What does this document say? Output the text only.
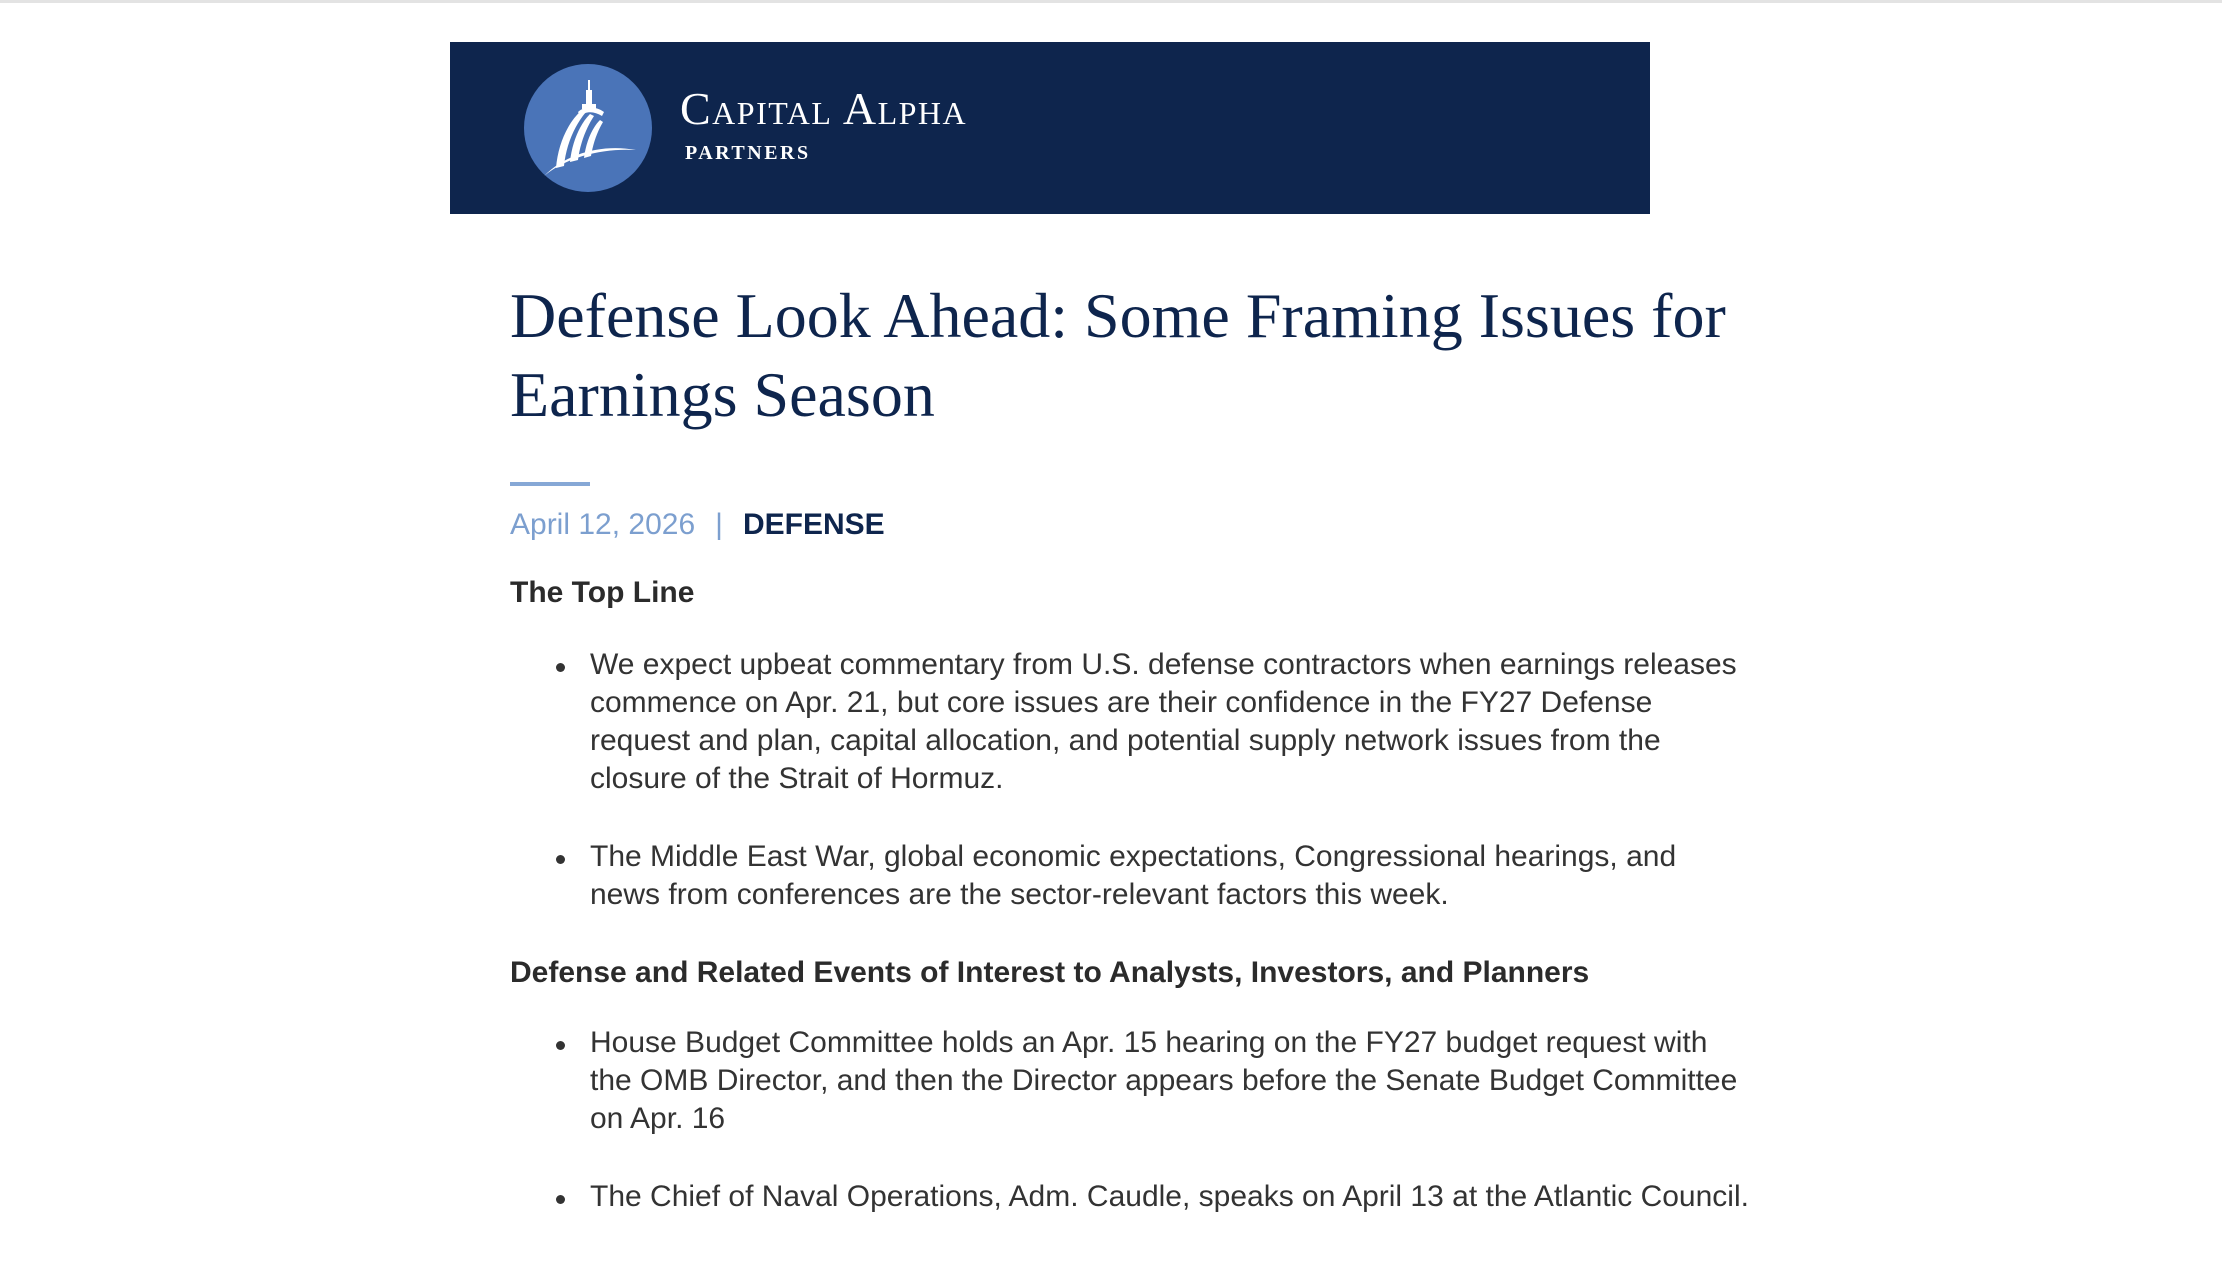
Capital Alpha
PARTNERS
Defense Look Ahead: Some Framing Issues for Earnings Season
April 12, 2026 | DEFENSE
The Top Line
We expect upbeat commentary from U.S. defense contractors when earnings releases commence on Apr. 21, but core issues are their confidence in the FY27 Defense request and plan, capital allocation, and potential supply network issues from the closure of the Strait of Hormuz.
The Middle East War, global economic expectations, Congressional hearings, and news from conferences are the sector-relevant factors this week.
Defense and Related Events of Interest to Analysts, Investors, and Planners
House Budget Committee holds an Apr. 15 hearing on the FY27 budget request with the OMB Director, and then the Director appears before the Senate Budget Committee on Apr. 16
The Chief of Naval Operations, Adm. Caudle, speaks on April 13 at the Atlantic Council.
